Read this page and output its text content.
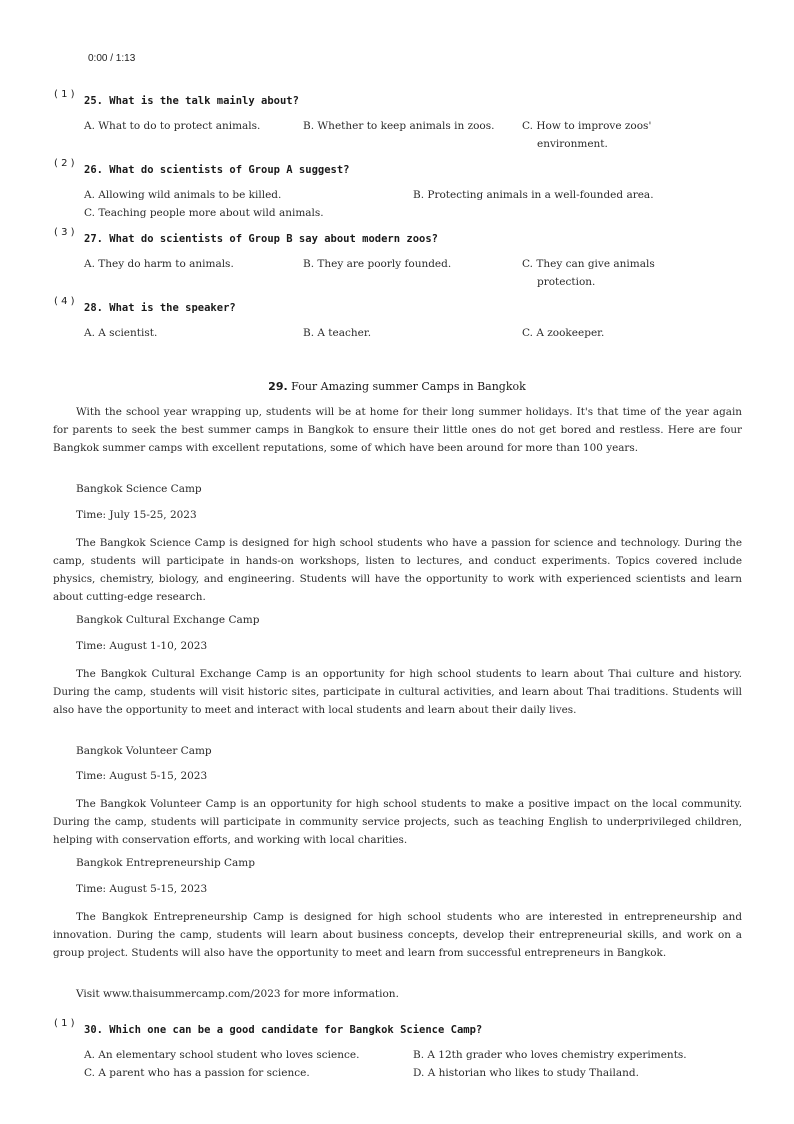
0:00 / 1:13
( 1 )
25. What is the talk mainly about?
A. What to do to protect animals.	B. Whether to keep animals in zoos.	C. How to improve zoos'
environment.
( 2 )
26. What do scientists of Group A suggest?
A. Allowing wild animals to be killed.	B. Protecting animals in a well-founded area.
C. Teaching people more about wild animals.
( 3 )
27. What do scientists of Group B say about modern zoos?
A. They do harm to animals.	B. They are poorly founded.	C. They can give animals
protection.
( 4 )
28. What is the speaker?
A. A scientist.	B. A teacher.	C. A zookeeper.
29. Four Amazing summer Camps in Bangkok
With the school year wrapping up, students will be at home for their long summer holidays. It's that time of the year again for parents to seek the best summer camps in Bangkok to ensure their little ones do not get bored and restless. Here are four Bangkok summer camps with excellent reputations, some of which have been around for more than 100 years.
Bangkok Science Camp
Time: July 15-25, 2023
The Bangkok Science Camp is designed for high school students who have a passion for science and technology. During the camp, students will participate in hands-on workshops, listen to lectures, and conduct experiments. Topics covered include physics, chemistry, biology, and engineering. Students will have the opportunity to work with experienced scientists and learn about cutting-edge research.
Bangkok Cultural Exchange Camp
Time: August 1-10, 2023
The Bangkok Cultural Exchange Camp is an opportunity for high school students to learn about Thai culture and history. During the camp, students will visit historic sites, participate in cultural activities, and learn about Thai traditions. Students will also have the opportunity to meet and interact with local students and learn about their daily lives.
Bangkok Volunteer Camp
Time: August 5-15, 2023
The Bangkok Volunteer Camp is an opportunity for high school students to make a positive impact on the local community. During the camp, students will participate in community service projects, such as teaching English to underprivileged children, helping with conservation efforts, and working with local charities.
Bangkok Entrepreneurship Camp
Time: August 5-15, 2023
The Bangkok Entrepreneurship Camp is designed for high school students who are interested in entrepreneurship and innovation. During the camp, students will learn about business concepts, develop their entrepreneurial skills, and work on a group project. Students will also have the opportunity to meet and learn from successful entrepreneurs in Bangkok.
Visit www.thaisummercamp.com/2023 for more information.
( 1 )
30. Which one can be a good candidate for Bangkok Science Camp?
A. An elementary school student who loves science.	B. A 12th grader who loves chemistry experiments.
C. A parent who has a passion for science.	D. A historian who likes to study Thailand.
